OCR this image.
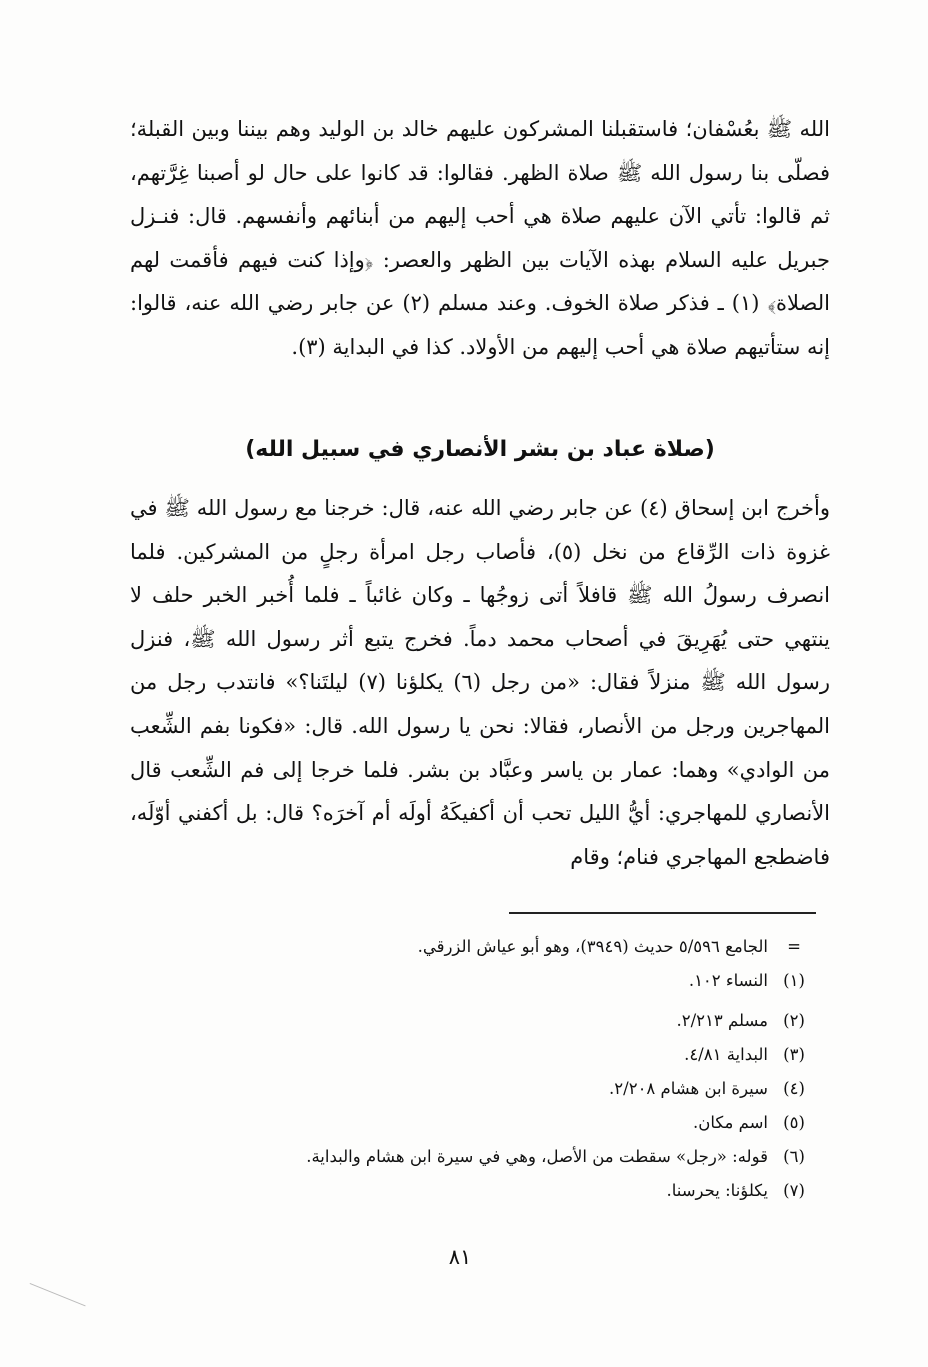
الله ﷺ بعُسْفان؛ فاستقبلنا المشركون عليهم خالد بن الوليد وهم بيننا وبين القبلة؛ فصلّى بنا رسول الله ﷺ صلاة الظهر. فقالوا: قد كانوا على حال لو أصبنا غِرَّتهم، ثم قالوا: تأتي الآن عليهم صلاة هي أحب إليهم من أبنائهم وأنفسهم. قال: فنـزل جبريل عليه السلام بهذه الآيات بين الظهر والعصر: ﴿وإذا كنت فيهم فأقمت لهم الصلاة﴾ (١) ـ فذكر صلاة الخوف. وعند مسلم (٢) عن جابر رضي الله عنه، قالوا: إنه ستأتيهم صلاة هي أحب إليهم من الأولاد. كذا في البداية (٣).
(صلاة عباد بن بشر الأنصاري في سبيل الله)
وأخرج ابن إسحاق (٤) عن جابر رضي الله عنه، قال: خرجنا مع رسول الله ﷺ في غزوة ذات الرِّقاع من نخل (٥)، فأصاب رجل امرأة رجلٍ من المشركين. فلما انصرف رسولُ الله ﷺ قافلاً أتى زوجُها ـ وكان غائباً ـ فلما أُخبر الخبر حلف لا ينتهي حتى يُهَرِيقَ في أصحاب محمد دماً. فخرج يتبع أثر رسول الله ﷺ، فنزل رسول الله ﷺ منزلاً فقال: «من رجل (٦) يكلؤنا (٧) ليلتَنا؟» فانتدب رجل من المهاجرين ورجل من الأنصار، فقالا: نحن يا رسول الله. قال: «فكونا بفم الشِّعب من الوادي» وهما: عمار بن ياسر وعبَّاد بن بشر. فلما خرجا إلى فم الشِّعب قال الأنصاري للمهاجري: أيُّ الليل تحب أن أكفيكَهُ أولَه أم آخرَه؟ قال: بل أكفني أوّلَه، فاضطجع المهاجري فنام؛ وقام
=
الجامع ٥/٥٩٦ حديث (٣٩٤٩)، وهو أبو عياش الزرقي.
(١)
النساء ١٠٢.
(٢)
مسلم ٢/٢١٣.
(٣)
البداية ٤/٨١.
(٤)
سيرة ابن هشام ٢/٢٠٨.
(٥)
اسم مكان.
(٦)
قوله: «رجل» سقطت من الأصل، وهي في سيرة ابن هشام والبداية.
(٧)
يكلؤنا: يحرسنا.
٨١
